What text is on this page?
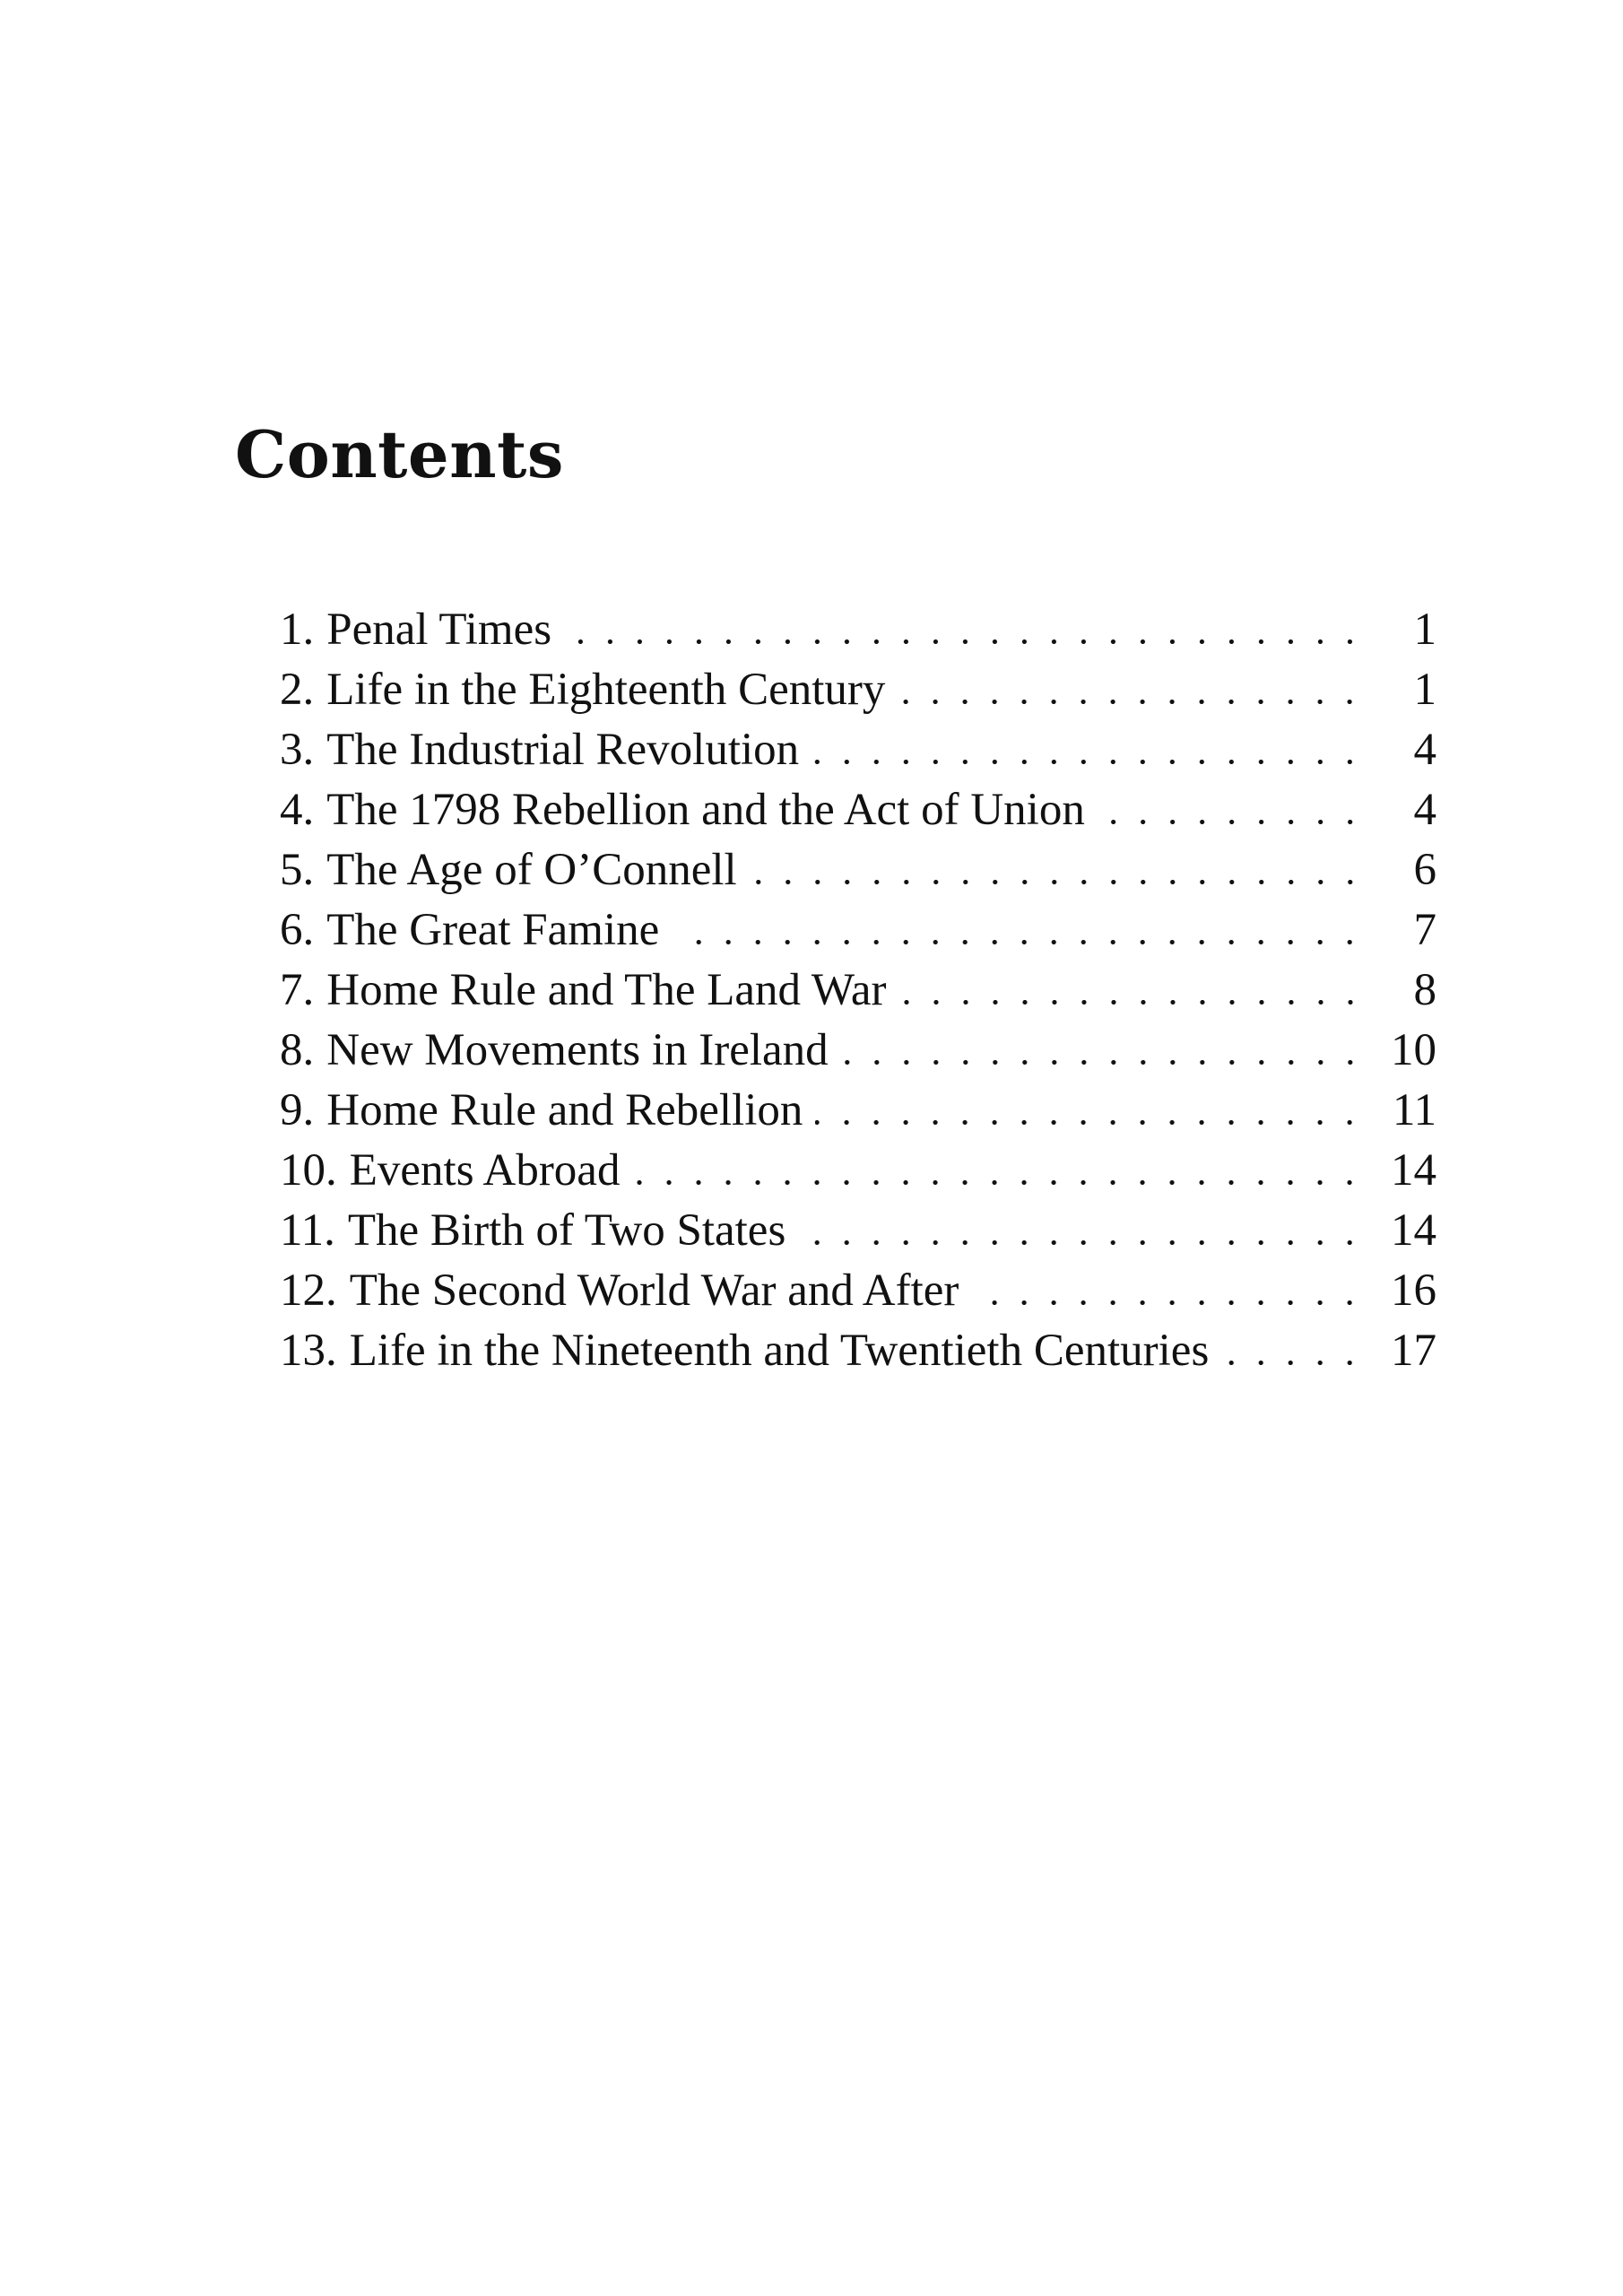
Contents
1. Penal Times	1
2. Life in the Eighteenth Century	1
3. The Industrial Revolution	4
4. The 1798 Rebellion and the Act of Union	4
5. The Age of O’Connell	6
6. The Great Famine	7
7. Home Rule and The Land War	8
8. New Movements in Ireland	10
9. Home Rule and Rebellion	11
10. Events Abroad	14
11. The Birth of Two States	14
12. The Second World War and After	16
13. Life in the Nineteenth and Twentieth Centuries	17
